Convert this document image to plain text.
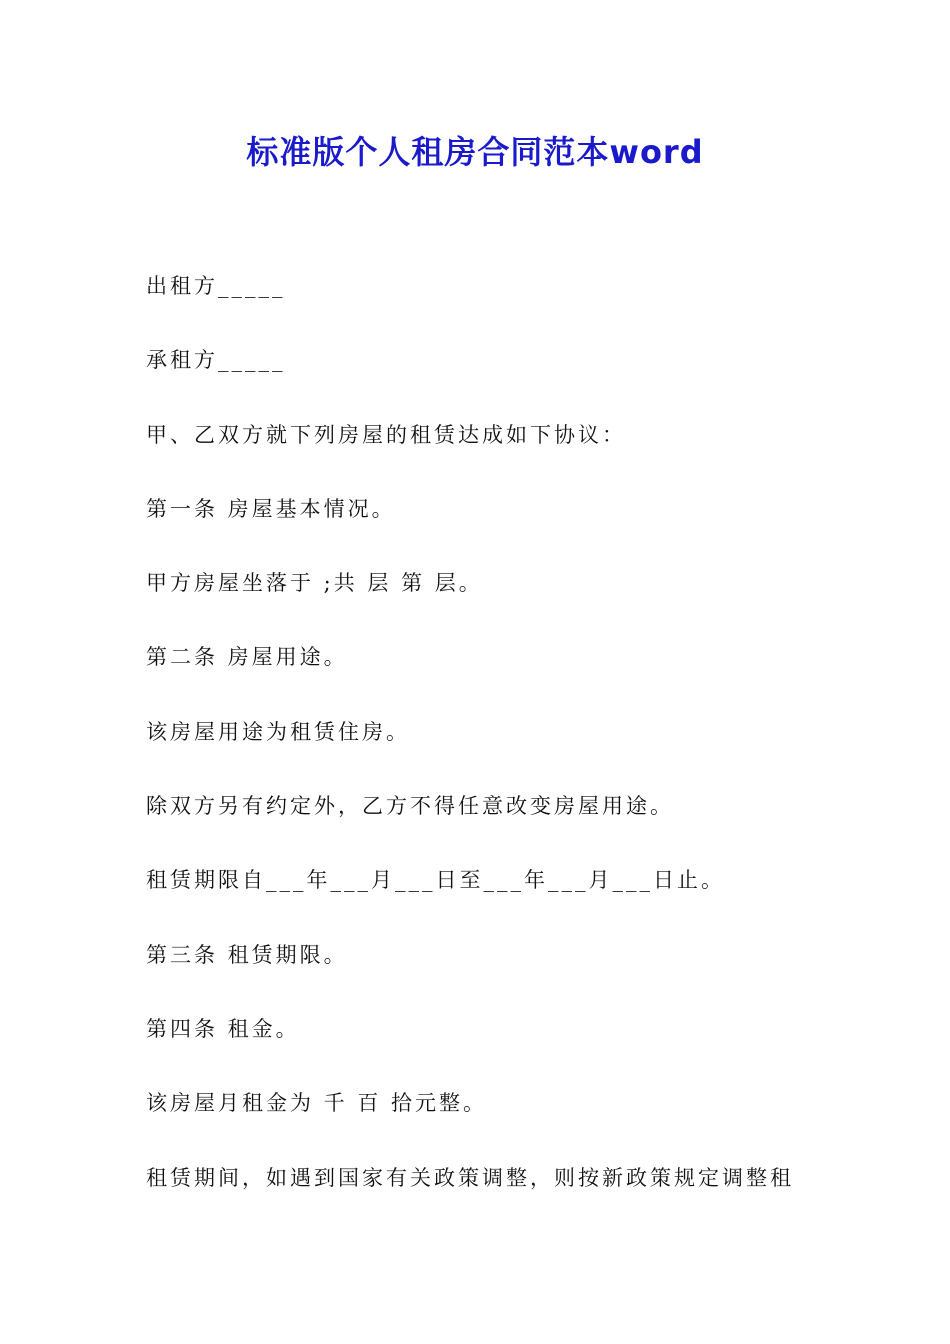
标准版个人租房合同范本word

出租方_____

承租方_____

甲、乙双方就下列房屋的租赁达成如下协议：

第一条 房屋基本情况。

甲方房屋坐落于 ;共 层 第 层。

第二条 房屋用途。

该房屋用途为租赁住房。

除双方另有约定外，乙方不得任意改变房屋用途。

租赁期限自___年___月___日至___年___月___日止。

第三条 租赁期限。

第四条 租金。

该房屋月租金为 千 百 拾元整。

租赁期间，如遇到国家有关政策调整，则按新政策规定调整租
